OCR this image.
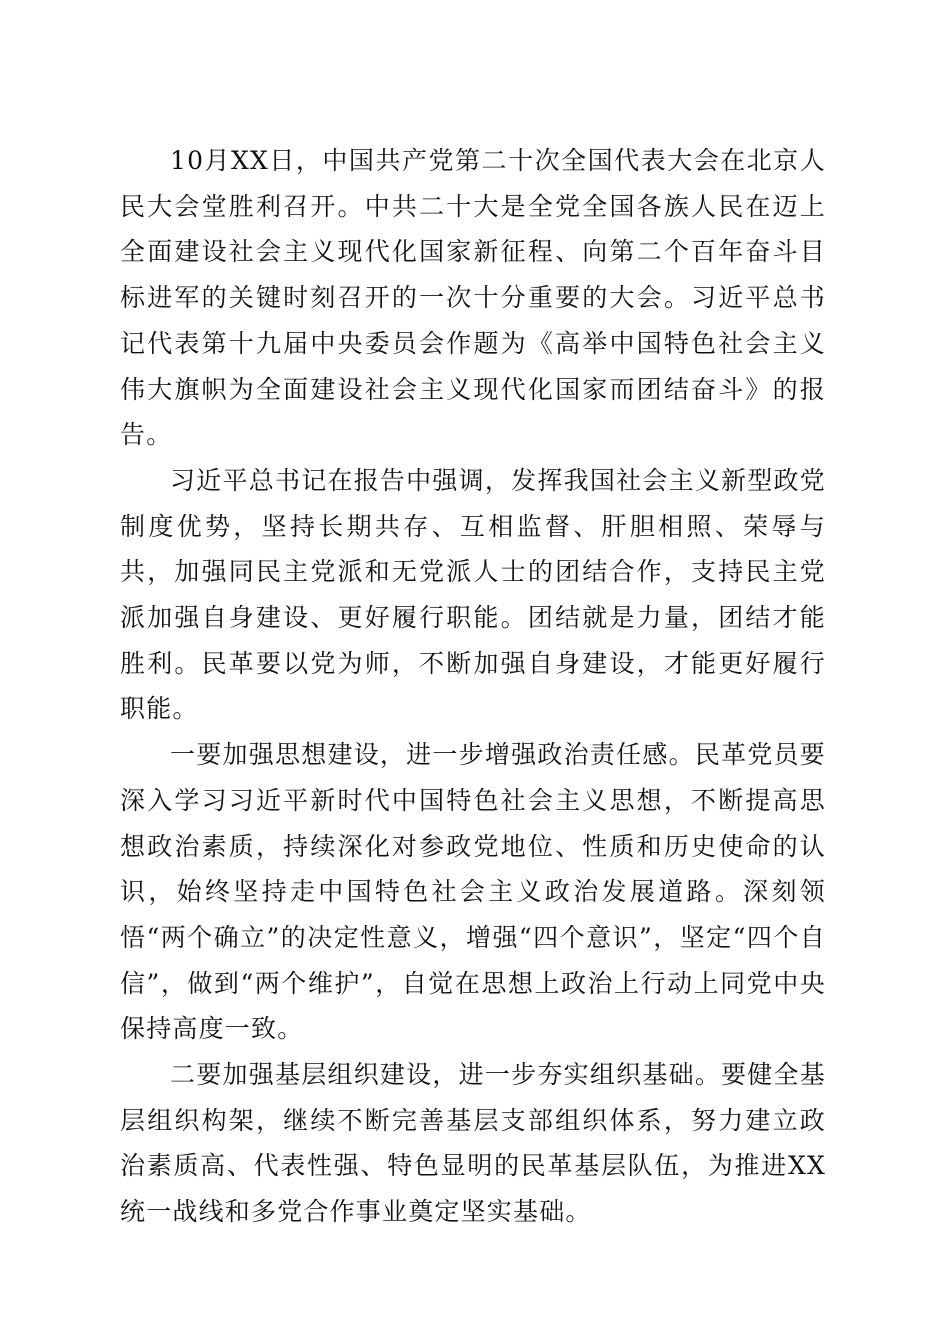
10月XX日，中国共产党第二十次全国代表大会在北京人民大会堂胜利召开。中共二十大是全党全国各族人民在迈上全面建设社会主义现代化国家新征程、向第二个百年奋斗目标进军的关键时刻召开的一次十分重要的大会。习近平总书记代表第十九届中央委员会作题为《高举中国特色社会主义伟大旗帜为全面建设社会主义现代化国家而团结奋斗》的报告。

习近平总书记在报告中强调，发挥我国社会主义新型政党制度优势，坚持长期共存、互相监督、肝胆相照、荣辱与共，加强同民主党派和无党派人士的团结合作，支持民主党派加强自身建设、更好履行职能。团结就是力量，团结才能胜利。民革要以党为师，不断加强自身建设，才能更好履行职能。

一要加强思想建设，进一步增强政治责任感。民革党员要深入学习习近平新时代中国特色社会主义思想，不断提高思想政治素质，持续深化对参政党地位、性质和历史使命的认识，始终坚持走中国特色社会主义政治发展道路。深刻领悟“两个确立”的决定性意义，增强“四个意识”，坚定“四个自信”，做到“两个维护”，自觉在思想上政治上行动上同党中央保持高度一致。

二要加强基层组织建设，进一步夯实组织基础。要健全基层组织构架，继续不断完善基层支部组织体系，努力建立政治素质高、代表性强、特色显明的民革基层队伍，为推进XX统一战线和多党合作事业奠定坚实基础。
